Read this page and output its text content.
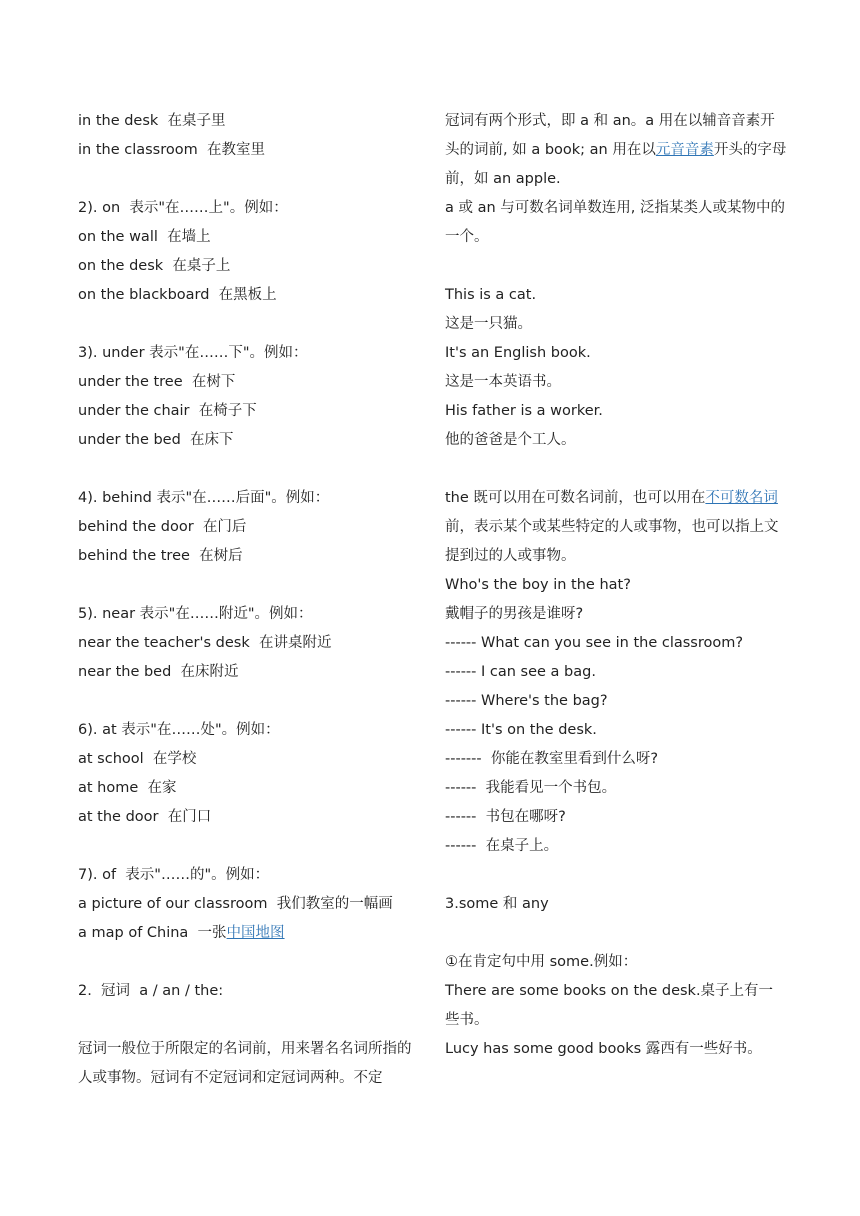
in the desk  在桌子里
in the classroom  在教室里
2). on  表示"在……上"。例如：
on the wall  在墙上
on the desk  在桌子上
on the blackboard  在黑板上
3). under 表示"在……下"。例如：
under the tree  在树下
under the chair  在椅子下
under the bed  在床下
4). behind 表示"在……后面"。例如：
behind the door  在门后
behind the tree  在树后
5). near 表示"在……附近"。例如：
near the teacher's desk  在讲桌附近
near the bed  在床附近
6). at 表示"在……处"。例如：
at school  在学校
at home  在家
at the door  在门口
7). of  表示"……的"。例如：
a picture of our classroom  我们教室的一幅画
a map of China  一张中国地图
2.  冠词  a / an / the:
冠词一般位于所限定的名词前，用来署名名词所指的人或事物。冠词有不定冠词和定冠词两种。不定
冠词有两个形式，即 a 和 an。a 用在以辅音音素开头的词前, 如 a book; an 用在以元音音素开头的字母前，如 an apple.
a 或 an 与可数名词单数连用, 泛指某类人或某物中的一个。
This is a cat.
这是一只猫。
It's an English book.
这是一本英语书。
His father is a worker.
他的爸爸是个工人。
the 既可以用在可数名词前，也可以用在不可数名词前，表示某个或某些特定的人或事物，也可以指上文提到过的人或事物。
Who's the boy in the hat?
戴帽子的男孩是谁呀?
------ What can you see in the classroom?
------ I can see a bag.
------ Where's the bag?
------ It's on the desk.
-------  你能在教室里看到什么呀?
------  我能看见一个书包。
------  书包在哪呀?
------  在桌子上。
3.some 和 any
①在肯定句中用 some.例如：
There are some books on the desk.桌子上有一些书。
Lucy has some good books 露西有一些好书。
